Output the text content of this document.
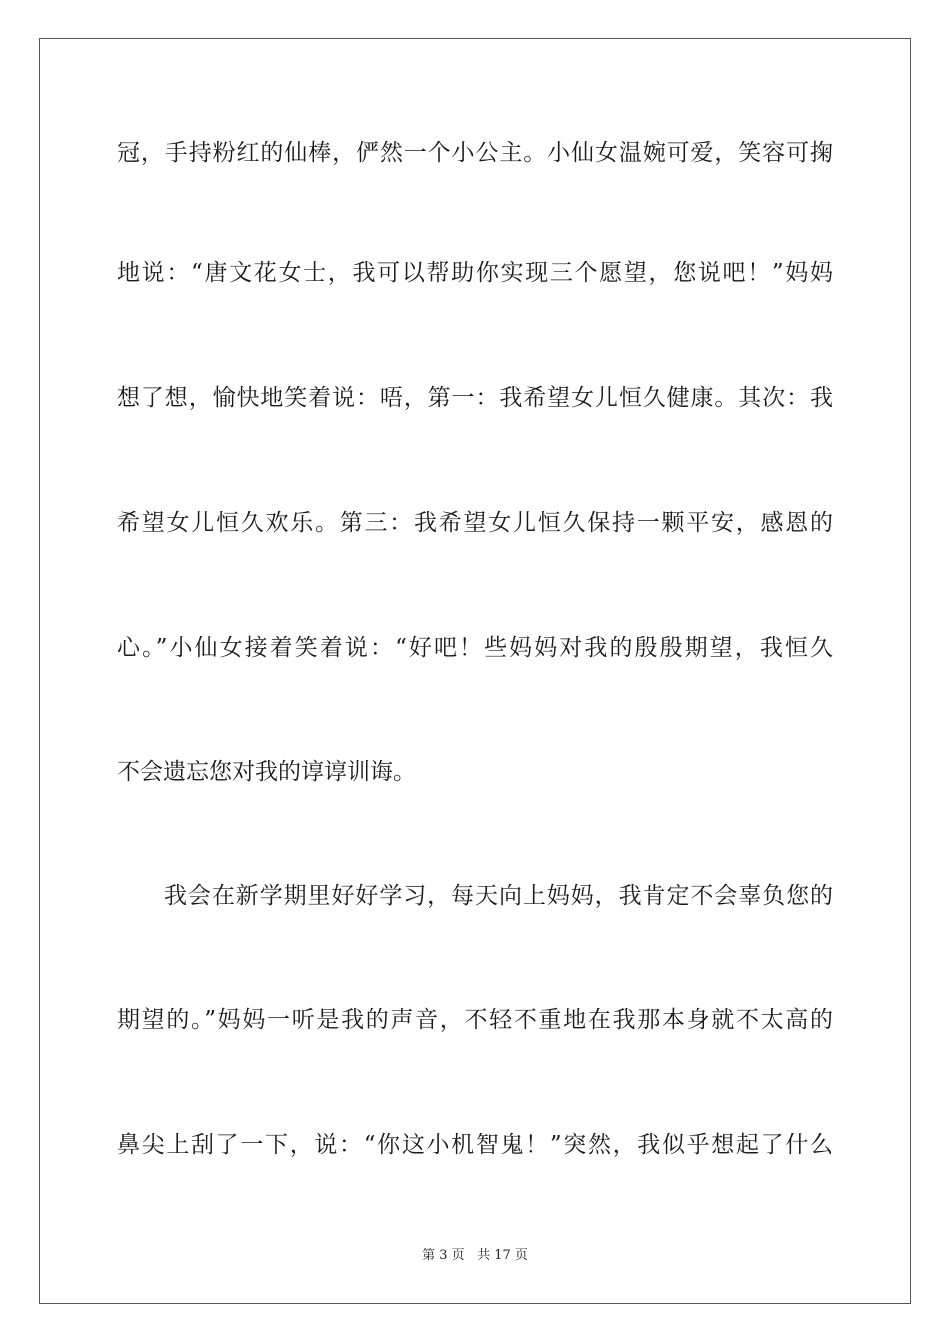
冠，手持粉红的仙棒，俨然一个小公主。小仙女温婉可爱，笑容可掬
地说：“唐文花女士，我可以帮助你实现三个愿望，您说吧！”妈妈
想了想，愉快地笑着说：唔，第一：我希望女儿恒久健康。其次：我
希望女儿恒久欢乐。第三：我希望女儿恒久保持一颗平安，感恩的
心。”小仙女接着笑着说：“好吧！些妈妈对我的殷殷期望，我恒久
不会遗忘您对我的谆谆训诲。
我会在新学期里好好学习，每天向上妈妈，我肯定不会辜负您的
期望的。”妈妈一听是我的声音，不轻不重地在我那本身就不太高的
鼻尖上刮了一下，说：“你这小机智鬼！”突然，我似乎想起了什么
第 3 页 共 17 页
